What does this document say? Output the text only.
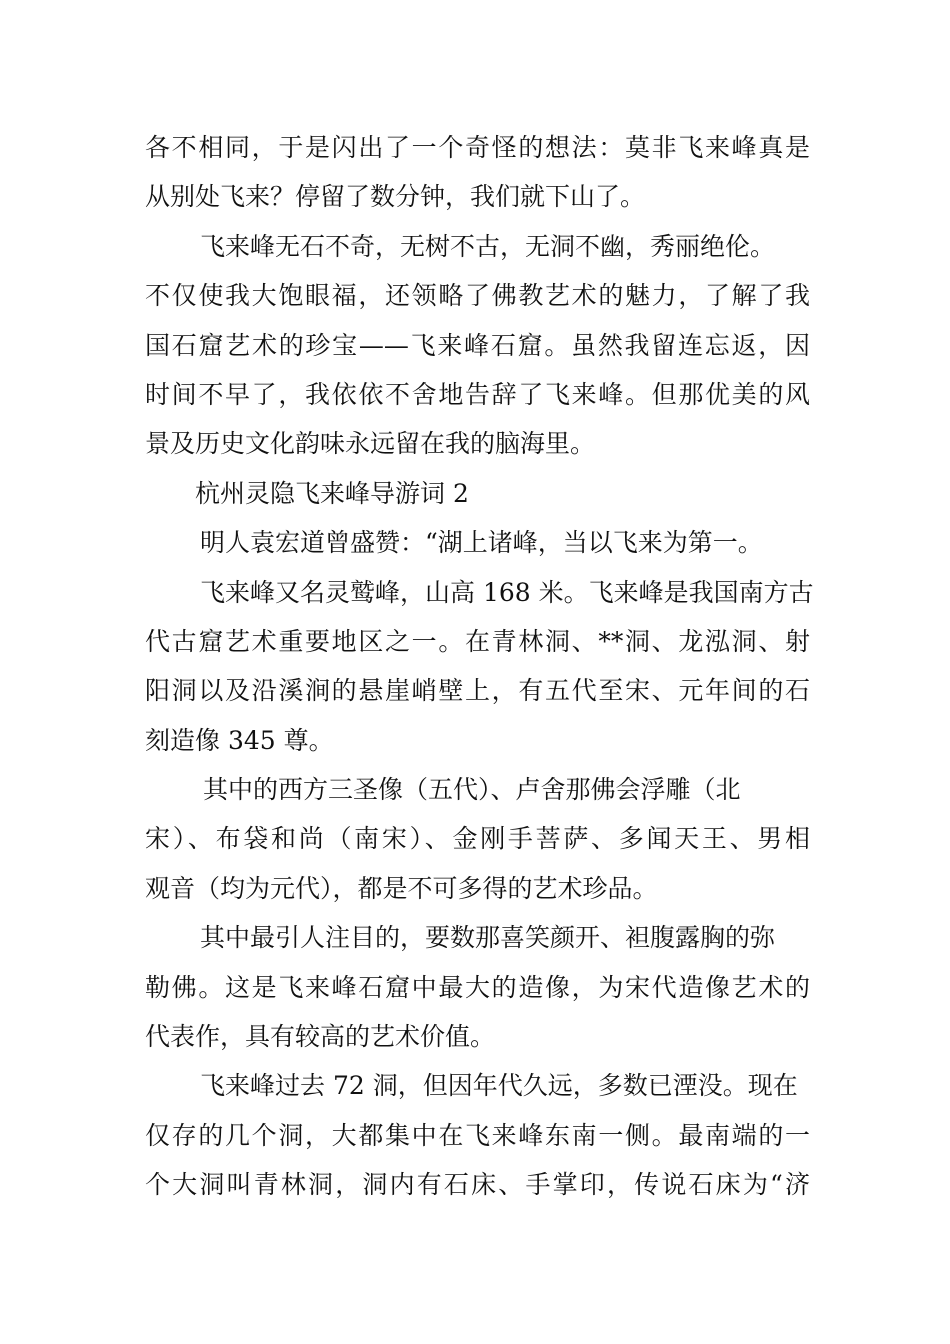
各不相同，于是闪出了一个奇怪的想法：莫非飞来峰真是
从别处飞来？停留了数分钟，我们就下山了。
飞来峰无石不奇，无树不古，无洞不幽，秀丽绝伦。
不仅使我大饱眼福，还领略了佛教艺术的魅力，了解了我
国石窟艺术的珍宝——飞来峰石窟。虽然我留连忘返，因
时间不早了，我依依不舍地告辞了飞来峰。但那优美的风
景及历史文化韵味永远留在我的脑海里。
杭州灵隐飞来峰导游词 2
明人袁宏道曾盛赞：“湖上诸峰，当以飞来为第一。
飞来峰又名灵鹫峰，山高 168 米。飞来峰是我国南方古
代古窟艺术重要地区之一。在青林洞、**洞、龙泓洞、射
阳洞以及沿溪涧的悬崖峭壁上，有五代至宋、元年间的石
刻造像 345 尊。
其中的西方三圣像（五代）、卢舍那佛会浮雕（北
宋）、布袋和尚（南宋）、金刚手菩萨、多闻天王、男相
观音（均为元代），都是不可多得的艺术珍品。
其中最引人注目的，要数那喜笑颜开、袒腹露胸的弥
勒佛。这是飞来峰石窟中最大的造像，为宋代造像艺术的
代表作，具有较高的艺术价值。
飞来峰过去 72 洞，但因年代久远，多数已湮没。现在
仅存的几个洞，大都集中在飞来峰东南一侧。最南端的一
个大洞叫青林洞，洞内有石床、手掌印，传说石床为“济
